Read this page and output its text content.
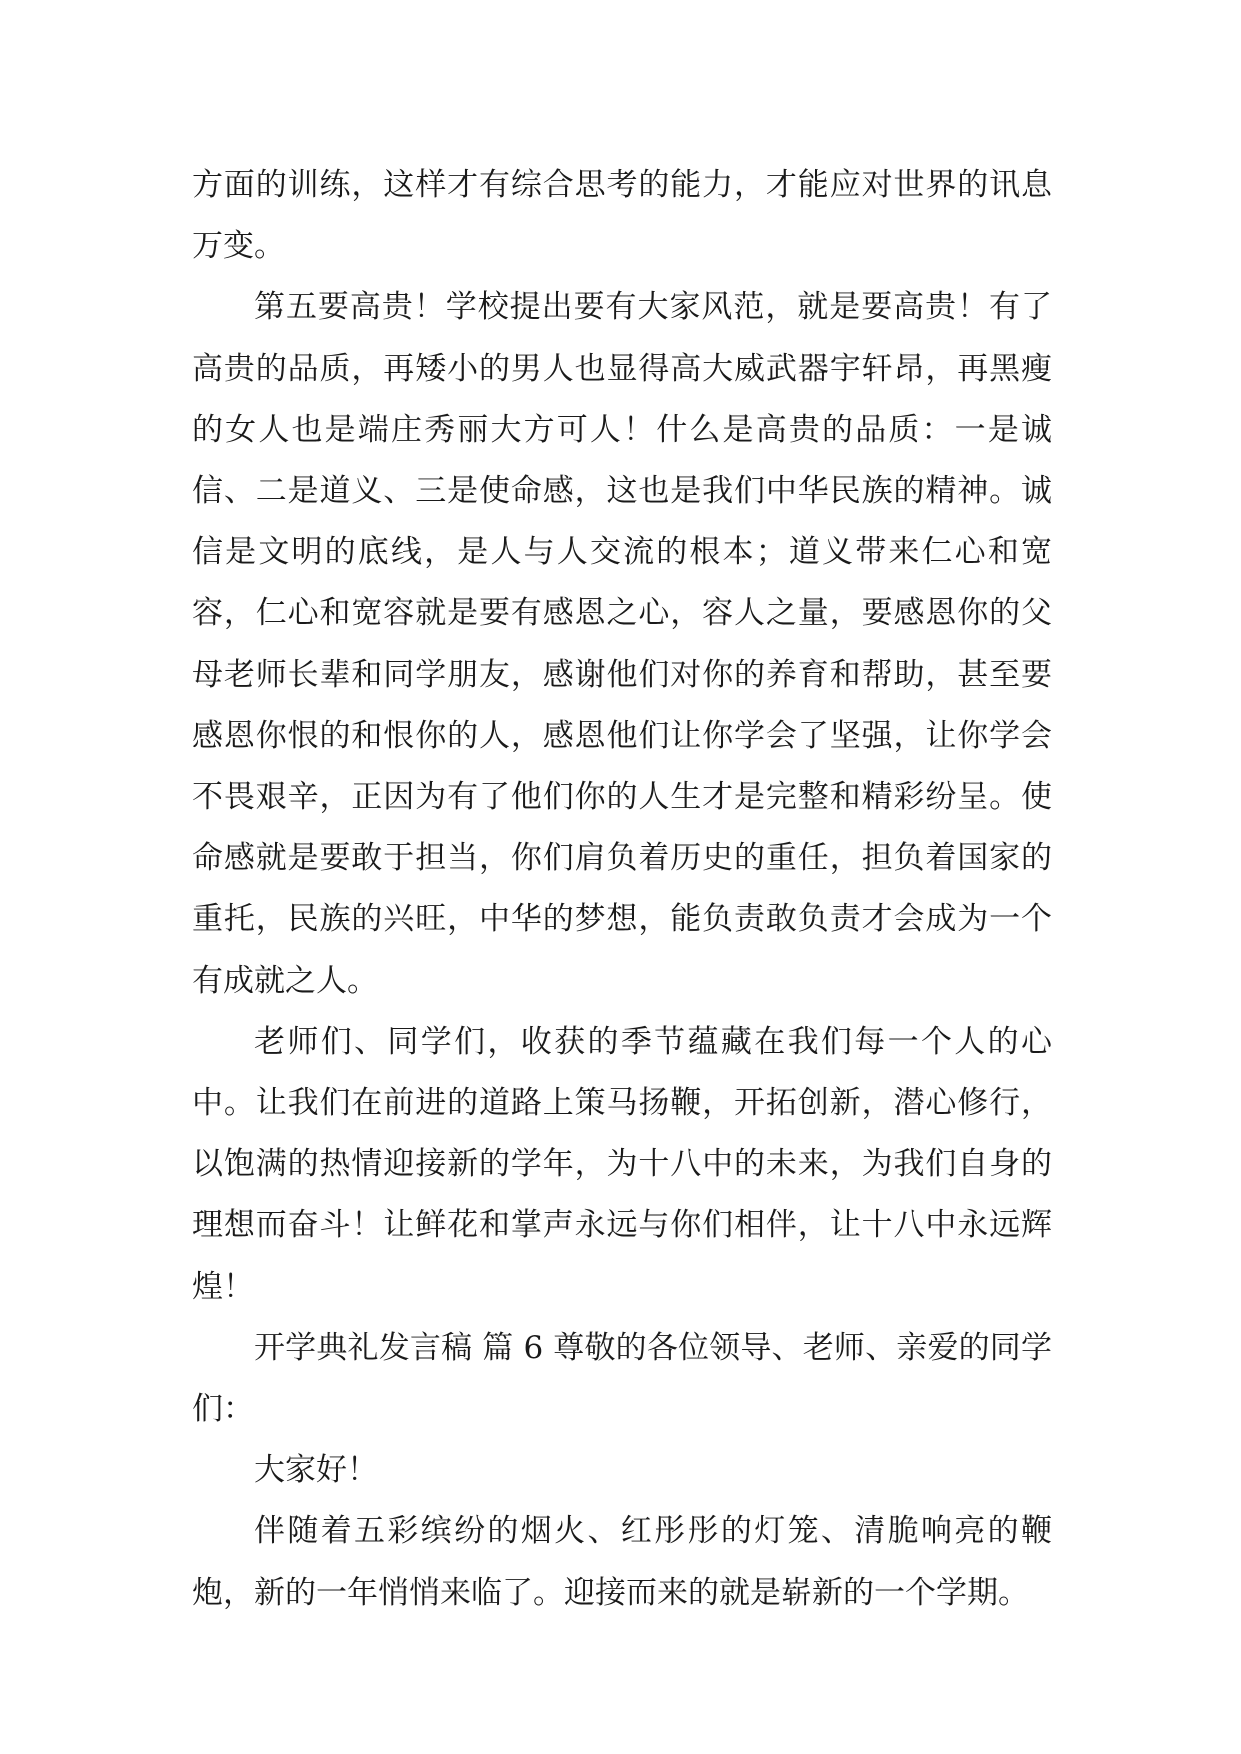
方面的训练，这样才有综合思考的能力，才能应对世界的讯息万变。

第五要高贵！学校提出要有大家风范，就是要高贵！有了高贵的品质，再矮小的男人也显得高大威武器宇轩昂，再黑瘦的女人也是端庄秀丽大方可人！什么是高贵的品质：一是诚信、二是道义、三是使命感，这也是我们中华民族的精神。诚信是文明的底线，是人与人交流的根本；道义带来仁心和宽容，仁心和宽容就是要有感恩之心，容人之量，要感恩你的父母老师长辈和同学朋友，感谢他们对你的养育和帮助，甚至要感恩你恨的和恨你的人，感恩他们让你学会了坚强，让你学会不畏艰辛，正因为有了他们你的人生才是完整和精彩纷呈。使命感就是要敢于担当，你们肩负着历史的重任，担负着国家的重托，民族的兴旺，中华的梦想，能负责敢负责才会成为一个有成就之人。

老师们、同学们，收获的季节蕴藏在我们每一个人的心中。让我们在前进的道路上策马扬鞭，开拓创新，潜心修行，以饱满的热情迎接新的学年，为十八中的未来，为我们自身的理想而奋斗！让鲜花和掌声永远与你们相伴，让十八中永远辉煌！

开学典礼发言稿 篇 6 尊敬的各位领导、老师、亲爱的同学们：

大家好！

伴随着五彩缤纷的烟火、红彤彤的灯笼、清脆响亮的鞭炮，新的一年悄悄来临了。迎接而来的就是崭新的一个学期。
